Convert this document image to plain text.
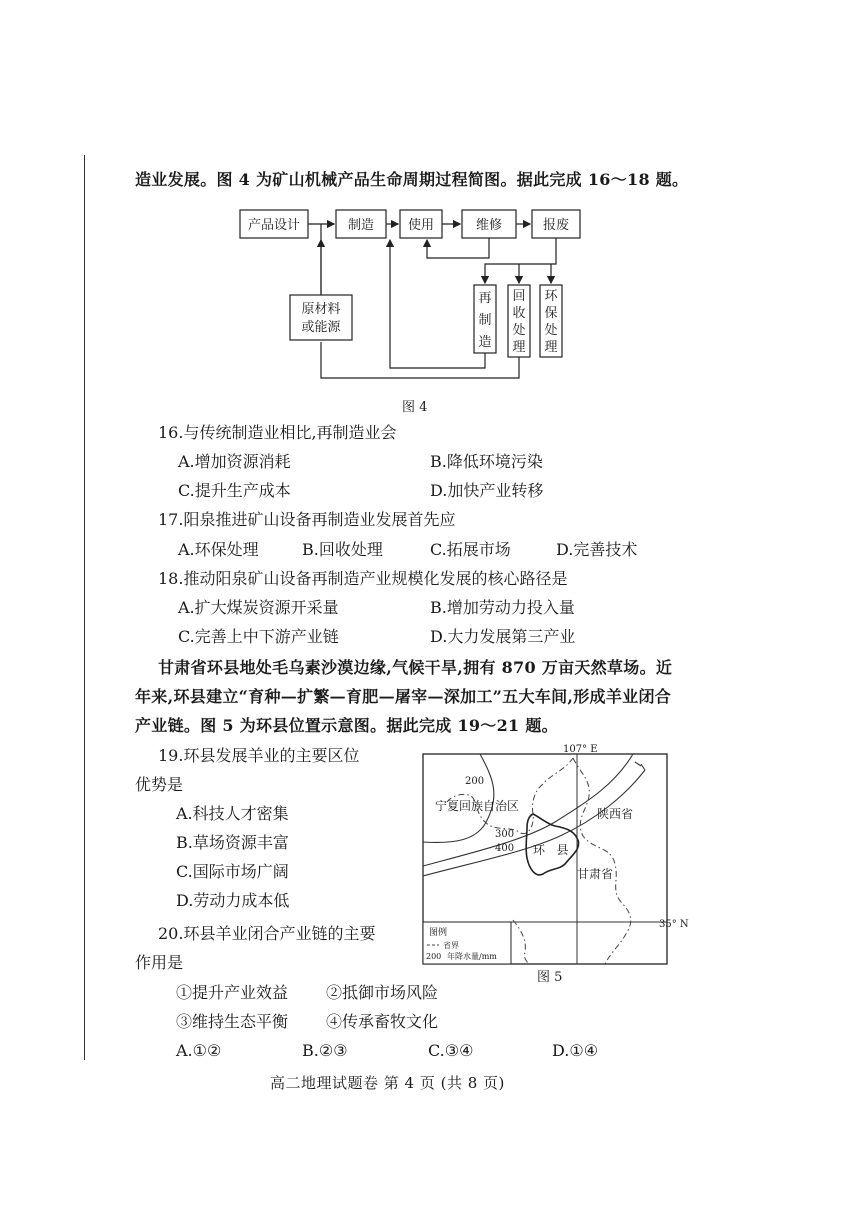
造业发展。图 4 为矿山机械产品生命周期过程简图。据此完成 16～18 题。
产品设计	制造	使用	维修	报废
原材料
或能源
再
制
造
回
收
处
理
环
保
处
理
图 4
16.与传统制造业相比,再制造业会
A.增加资源消耗	B.降低环境污染
C.提升生产成本	D.加快产业转移
17.阳泉推进矿山设备再制造业发展首先应
A.环保处理	B.回收处理	C.拓展市场	D.完善技术
18.推动阳泉矿山设备再制造产业规模化发展的核心路径是
A.扩大煤炭资源开采量	B.增加劳动力投入量
C.完善上中下游产业链	D.大力发展第三产业
甘肃省环县地处毛乌素沙漠边缘,气候干旱,拥有 870 万亩天然草场。近
年来,环县建立“育种—扩繁—育肥—屠宰—深加工”五大车间,形成羊业闭合
产业链。图 5 为环县位置示意图。据此完成 19～21 题。
19.环县发展羊业的主要区位
优势是
A.科技人才密集
B.草场资源丰富
C.国际市场广阔
D.劳动力成本低
20.环县羊业闭合产业链的主要
作用是
①提升产业效益 ②抵御市场风险
③维持生态平衡 ④传承畜牧文化
A.①②	B.②③	C.③④	D.①④
107° E
35° N
200
300
400
宁夏回族自治区
陕西省
甘肃省
环   县
图例
省界
200 年降水量/mm
图 5
高二地理试题卷 第 4 页 (共 8 页)
